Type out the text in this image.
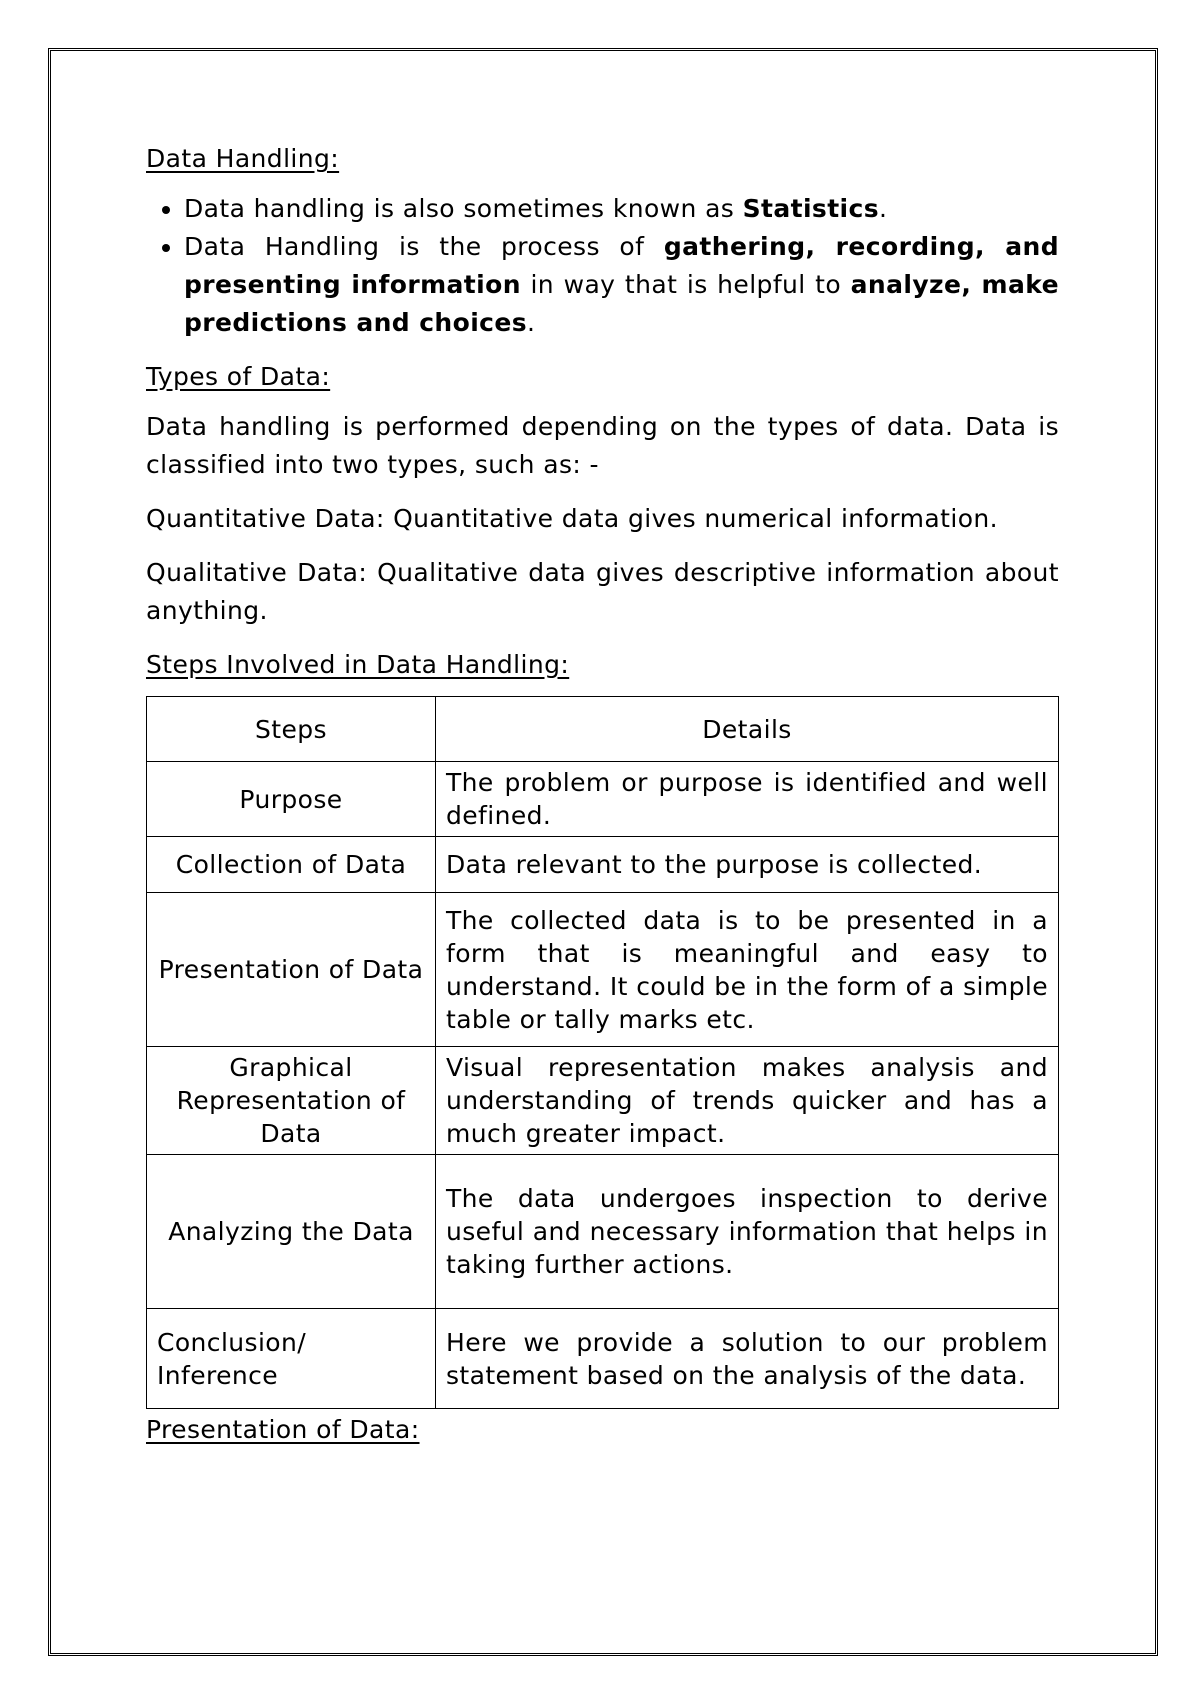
Data Handling:
• Data handling is also sometimes known as Statistics.
• Data Handling is the process of gathering, recording, and presenting information in way that is helpful to analyze, make predictions and choices.
Types of Data:

Data handling is performed depending on the types of data. Data is classified into two types, such as: -

Quantitative Data: Quantitative data gives numerical information.

Qualitative Data: Qualitative data gives descriptive information about anything.

Steps Involved in Data Handling:
Steps	Details
Purpose	The problem or purpose is identified and well defined.
Collection of Data	Data relevant to the purpose is collected.
Presentation of Data	The collected data is to be presented in a form that is meaningful and easy to understand. It could be in the form of a simple table or tally marks etc.
Graphical Representation of Data	Visual representation makes analysis and understanding of trends quicker and has a much greater impact.
Analyzing the Data	The data undergoes inspection to derive useful and necessary information that helps in taking further actions.
Conclusion/ Inference	Here we provide a solution to our problem statement based on the analysis of the data.
Presentation of Data:
